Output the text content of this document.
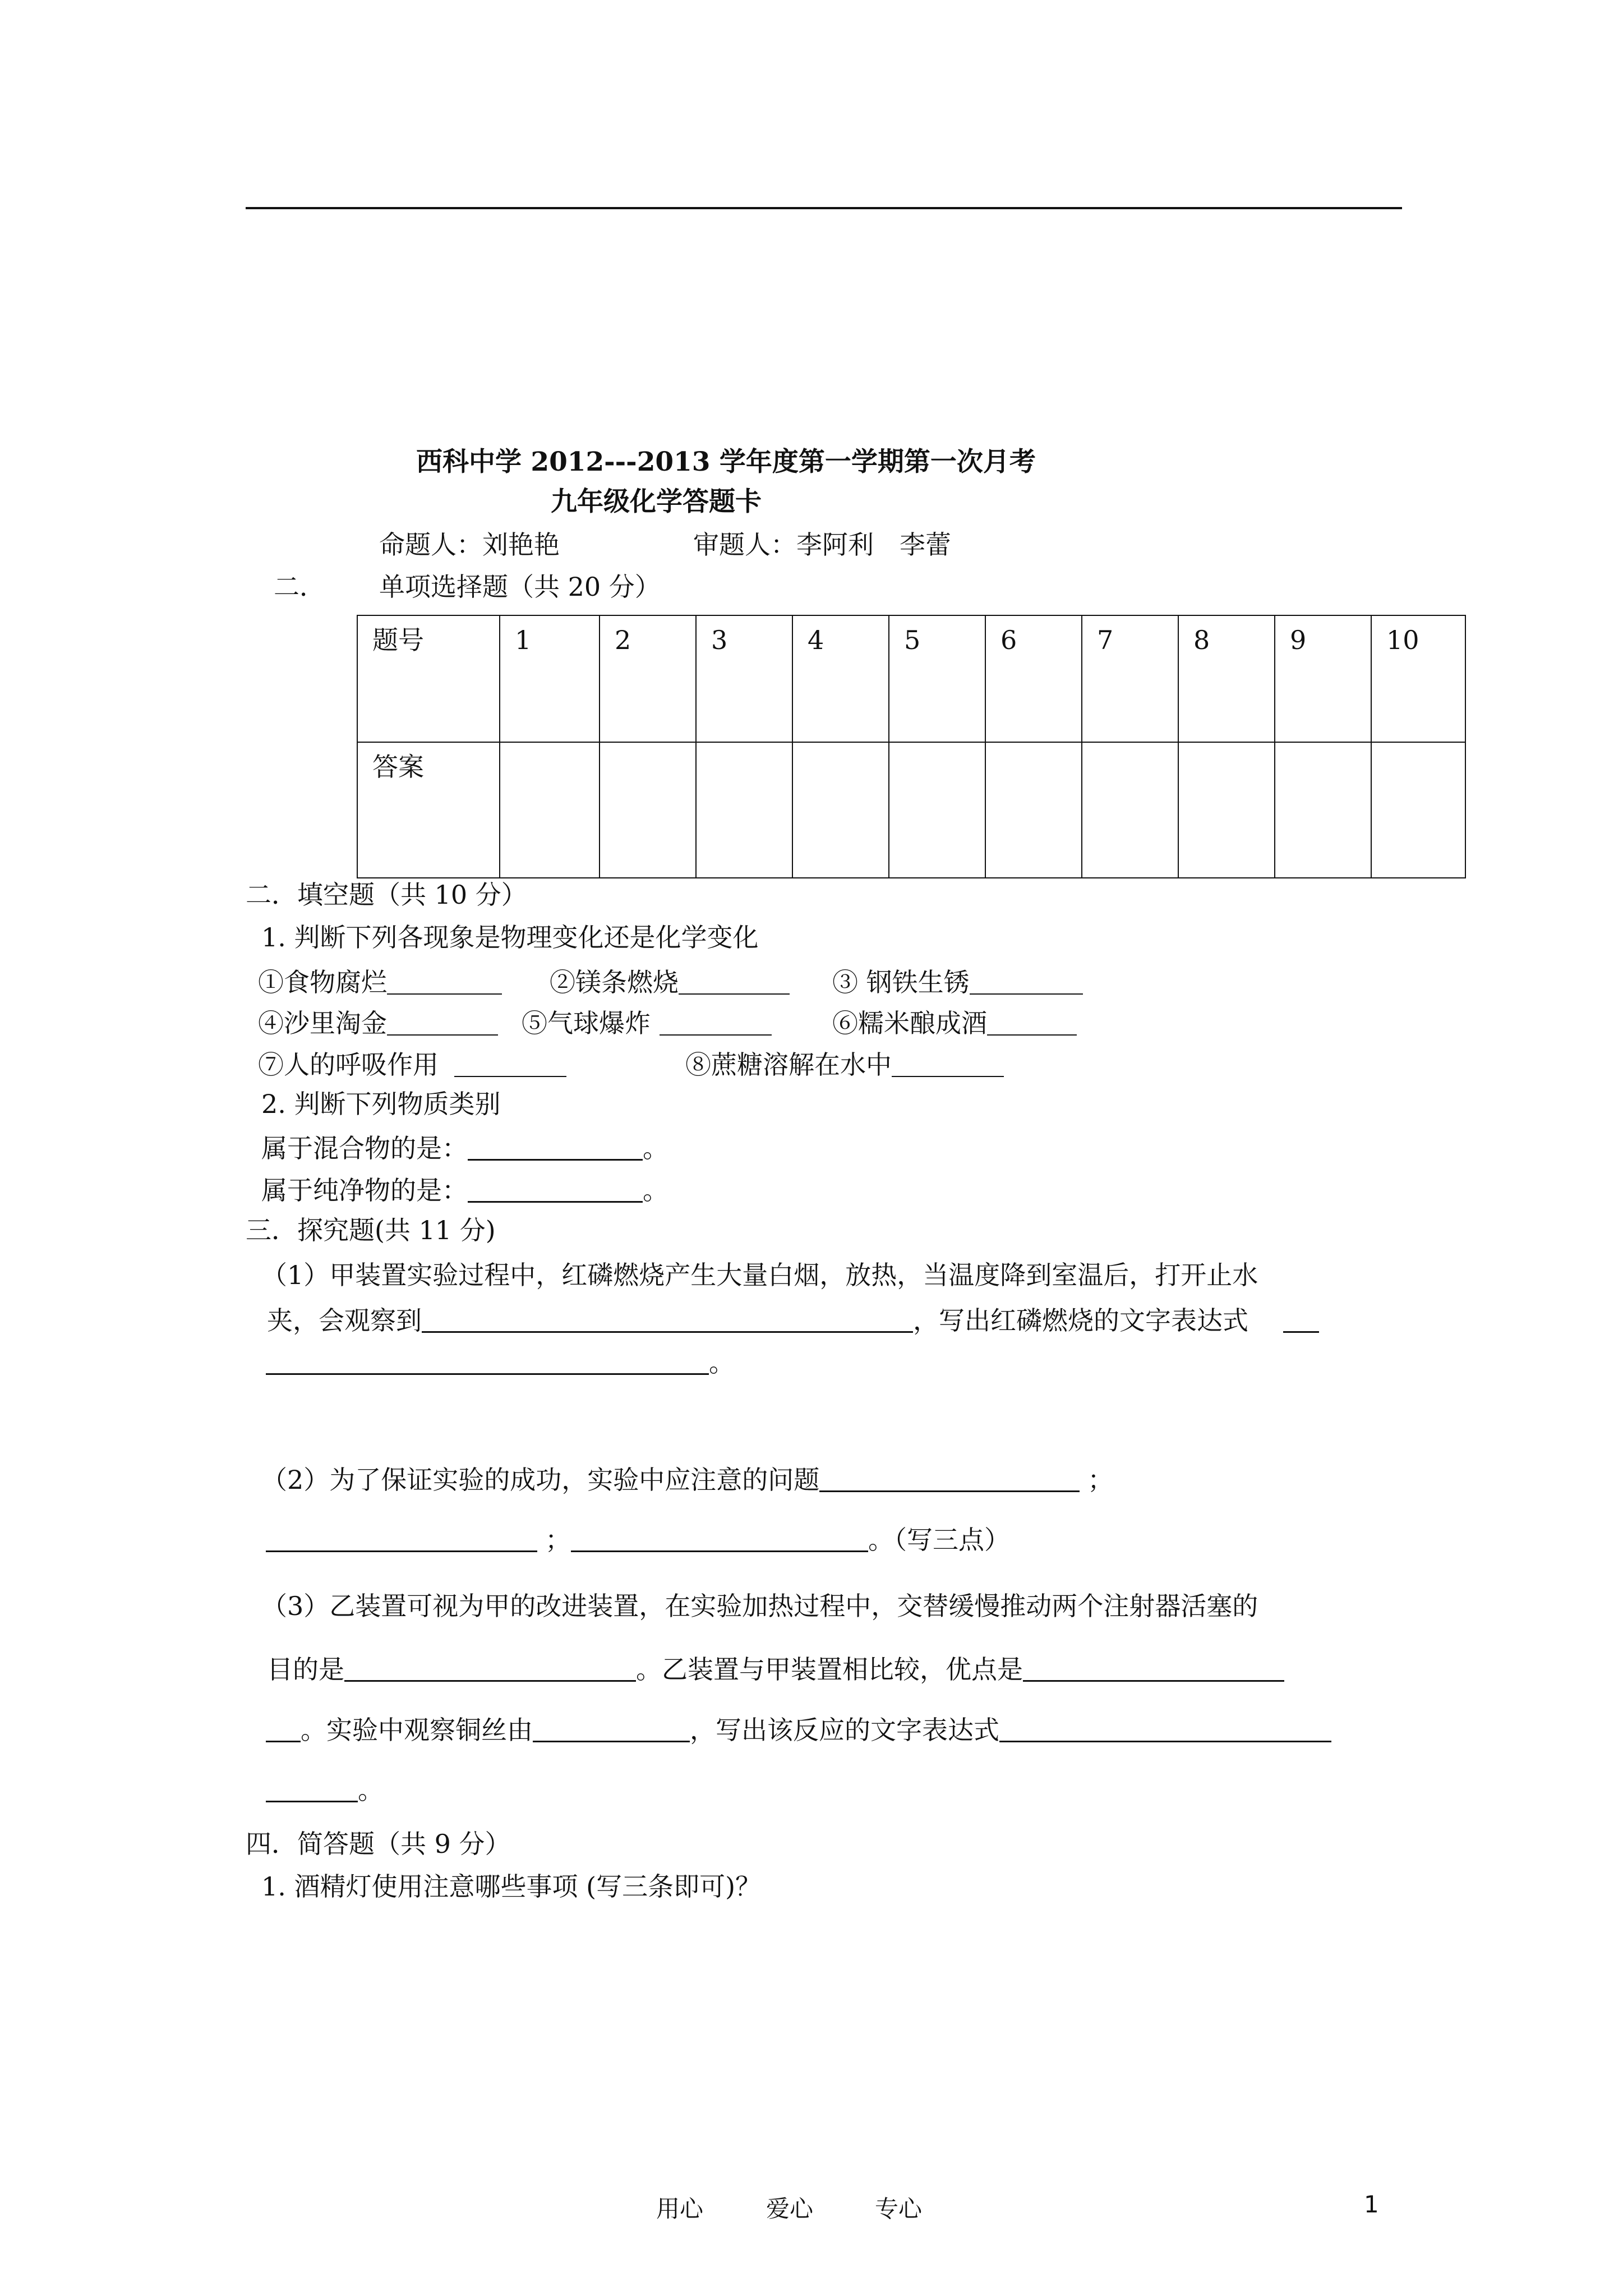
西科中学 2012---2013 学年度第一学期第一次月考
九年级化学答题卡
命题人：刘艳艳	审题人：李阿利　李蕾
二． 单项选择题（共 20 分）
题号	1	2	3	4	5	6	7	8	9	10
答案										
二．填空题（共 10 分）
1. 判断下列各现象是物理变化还是化学变化
①食物腐烂	②镁条燃烧	③ 钢铁生锈
④沙里淘金	⑤气球爆炸	⑥糯米酿成酒
⑦人的呼吸作用	⑧蔗糖溶解在水中
2. 判断下列物质类别
属于混合物的是：	。
属于纯净物的是：	。
三．探究题(共 11 分)
（1）甲装置实验过程中，红磷燃烧产生大量白烟，放热，当温度降到室温后，打开止水
夹，会观察到	，写出红磷燃烧的文字表达式
。
（2）为了保证实验的成功，实验中应注意的问题	；
；	。（写三点）
（3）乙装置可视为甲的改进装置，在实验加热过程中，交替缓慢推动两个注射器活塞的
目的是	。乙装置与甲装置相比较，优点是
。实验中观察铜丝由	，写出该反应的文字表达式
。
四．简答题（共 9 分）
1. 酒精灯使用注意哪些事项 (写三条即可)？
用心	爱心	专心	1
